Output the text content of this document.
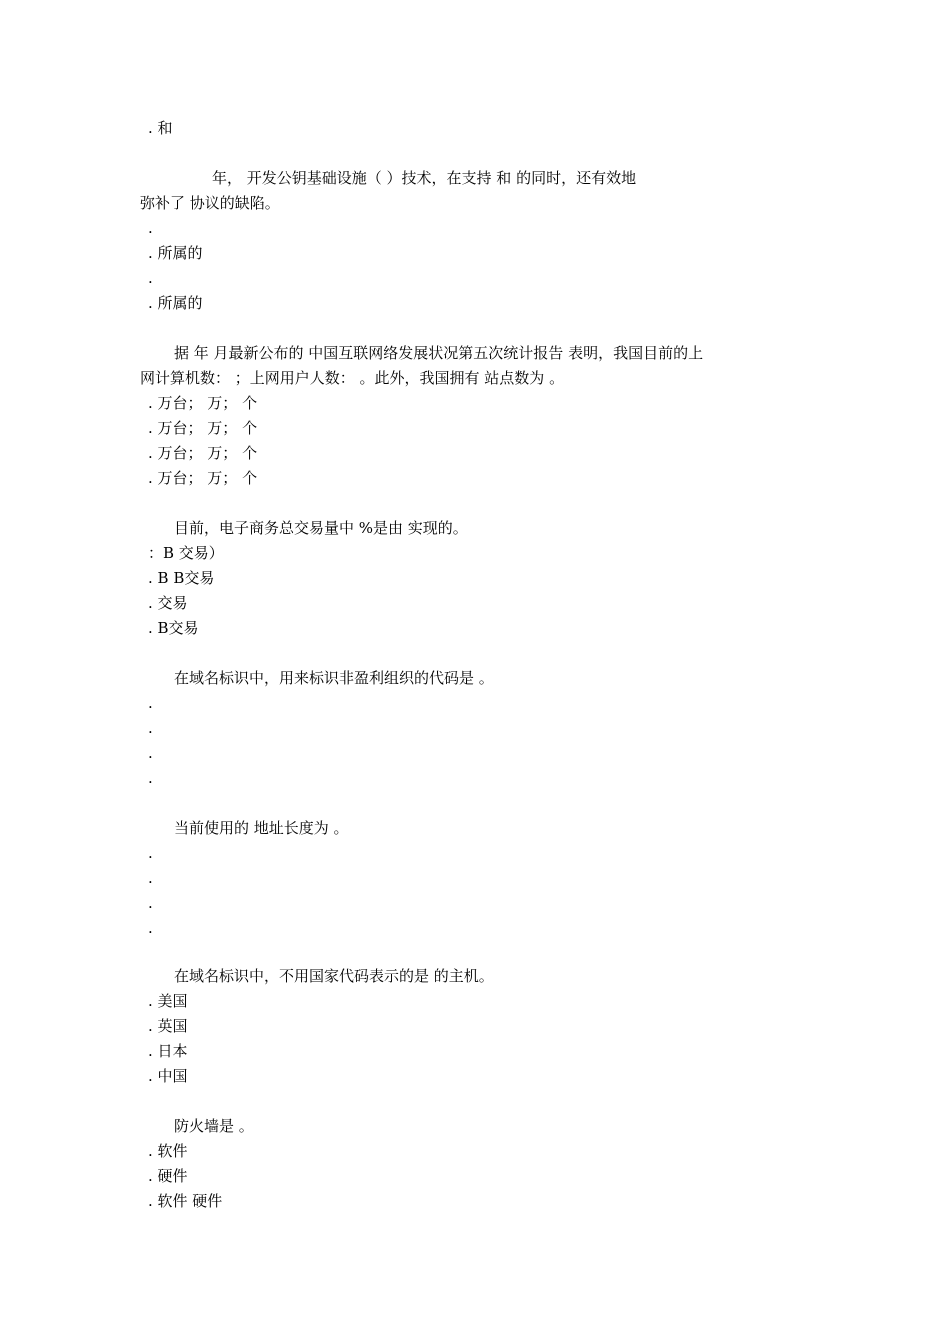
. 和
年， 开发公钥基础设施（ ）技术，在支持 和 的同时，还有效地
弥补了 协议的缺陷。
.
. 所属的
.
. 所属的
据 年 月最新公布的 中国互联网络发展状况第五次统计报告 表明，我国目前的上
网计算机数： ；上网用户人数： 。此外，我国拥有 站点数为 。
. 万台； 万； 个
. 万台； 万； 个
. 万台； 万； 个
. 万台； 万； 个
目前，电子商务总交易量中 %是由 实现的。
：B 交易）
. B B交易
. 交易
. B交易
在域名标识中，用来标识非盈利组织的代码是 。
.
.
.
.
当前使用的 地址长度为 。
.
.
.
.
在域名标识中，不用国家代码表示的是 的主机。
. 美国
. 英国
. 日本
. 中国
防火墙是 。
. 软件
. 硬件
. 软件 硬件
